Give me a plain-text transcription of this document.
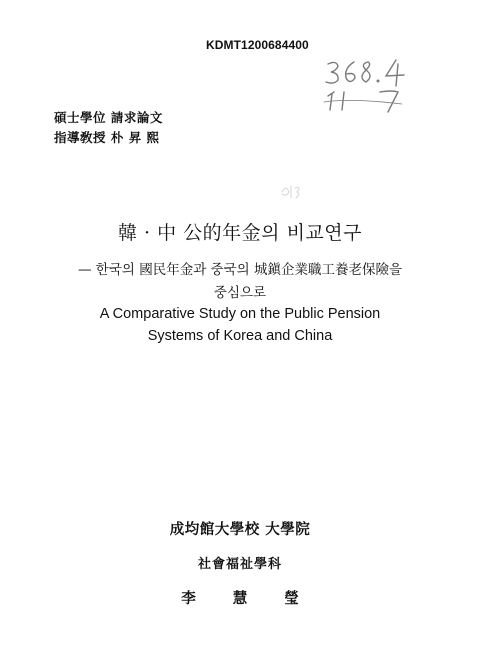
KDMT1200684400
碩士學位 請求論文
指導敎授 朴 昇 熙
韓 · 中 公的年金의 비교연구
— 한국의 國民年金과 중국의 城鎭企業職工養老保險을
중심으로
A Comparative Study on the Public Pension
Systems of Korea and China
成均館大學校 大學院
社會福祉學科
李 慧 瑩
